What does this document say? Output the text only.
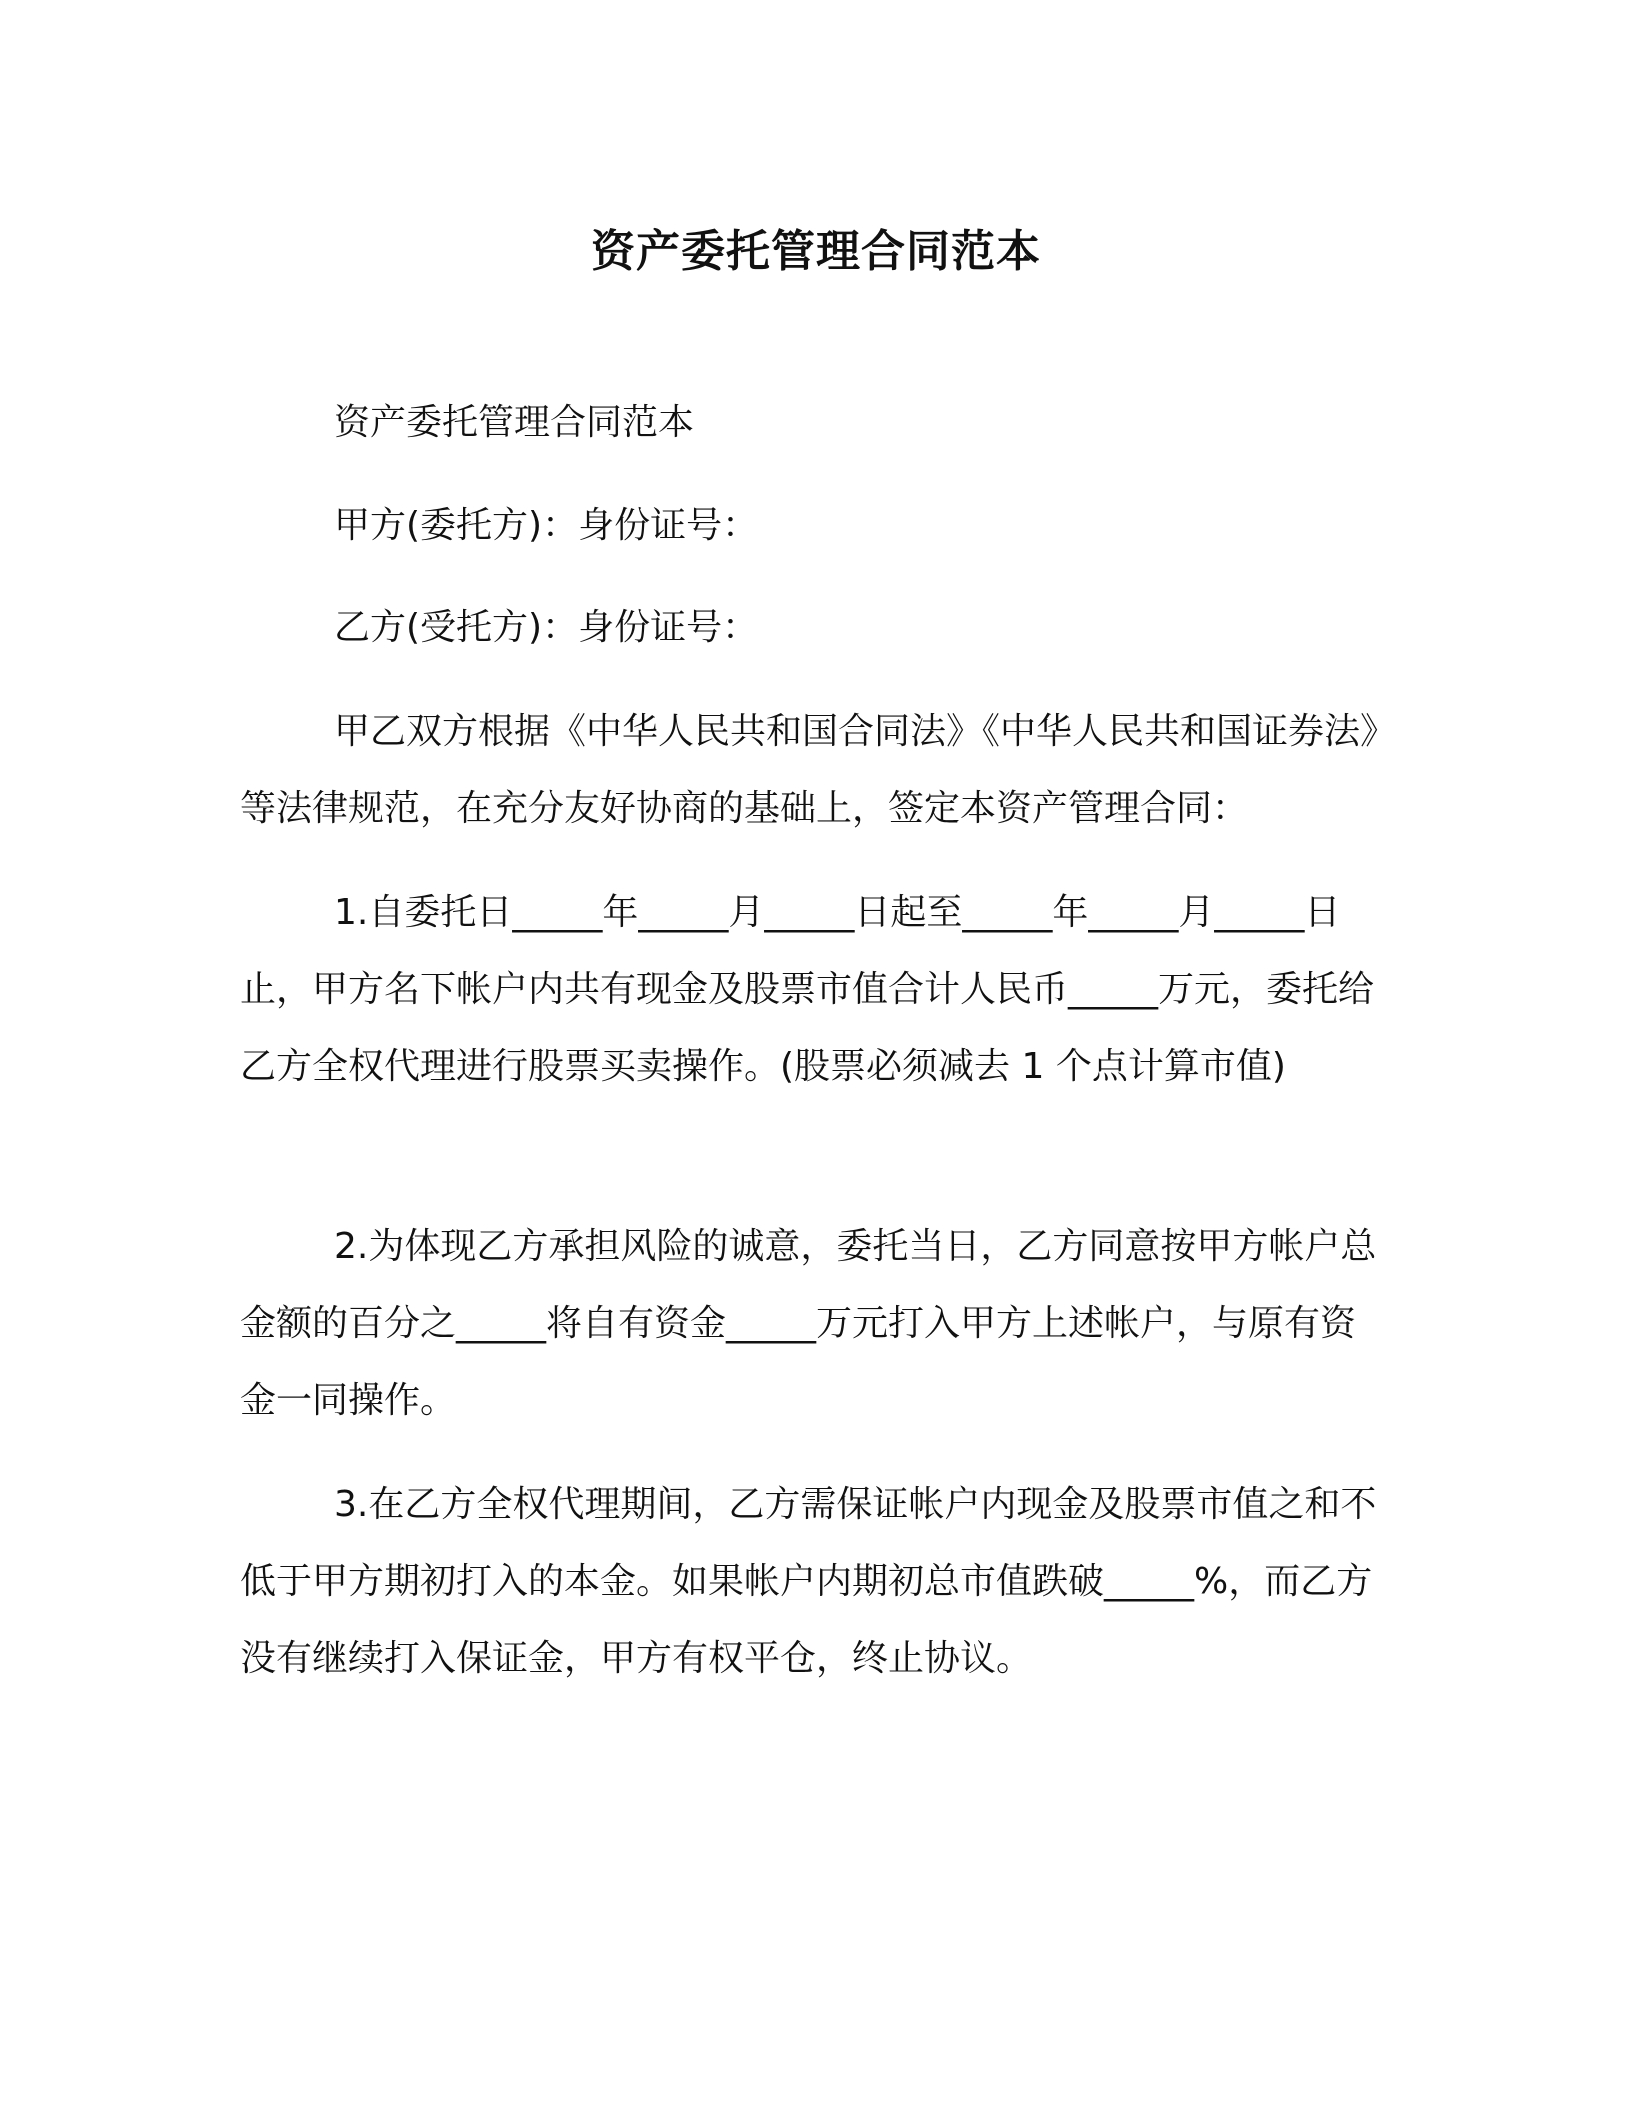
资产委托管理合同范本

资产委托管理合同范本

甲方(委托方)：身份证号：

乙方(受托方)：身份证号：

甲乙双方根据《中华人民共和国合同法》《中华人民共和国证券法》等法律规范，在充分友好协商的基础上，签定本资产管理合同：

1.自委托日_____年_____月_____日起至_____年_____月_____日止，甲方名下帐户内共有现金及股票市值合计人民币_____万元，委托给乙方全权代理进行股票买卖操作。(股票必须减去 1 个点计算市值)

2.为体现乙方承担风险的诚意，委托当日，乙方同意按甲方帐户总金额的百分之_____将自有资金_____万元打入甲方上述帐户，与原有资金一同操作。

3.在乙方全权代理期间，乙方需保证帐户内现金及股票市值之和不低于甲方期初打入的本金。如果帐户内期初总市值跌破_____%，而乙方没有继续打入保证金，甲方有权平仓，终止协议。
